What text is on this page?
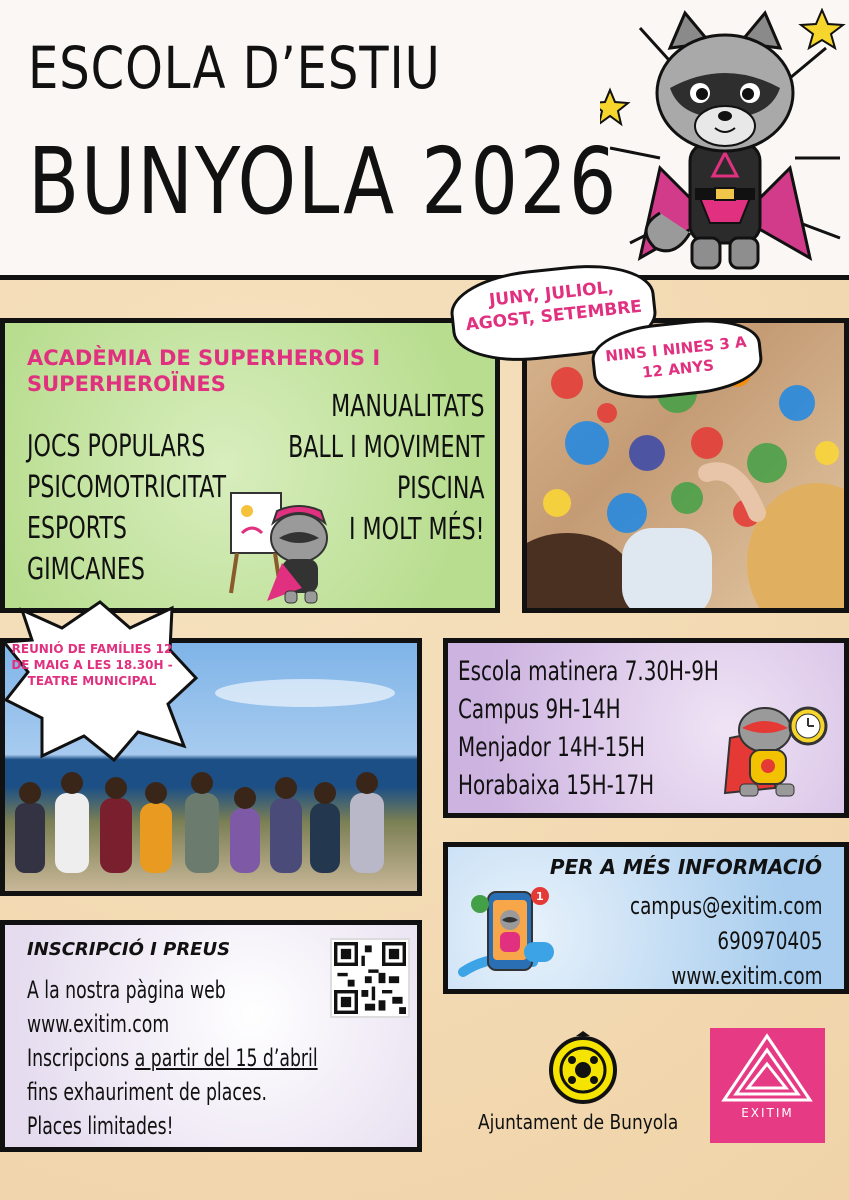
ESCOLA D’ESTIU
BUNYOLA 2026
ACADÈMIA DE SUPERHEROIS I SUPERHEROÏNES
JOCS POPULARS
PSICOMOTRICITAT
ESPORTS
GIMCANES
MANUALITATS
BALL I MOVIMENT
PISCINA
I MOLT MÉS!
JUNY, JULIOL, AGOST, SETEMBRE
NINS I NINES 3 A 12 ANYS
REUNIÓ DE FAMÍLIES 12 DE MAIG A LES 18.30H - TEATRE MUNICIPAL	Escola matinera 7.30H-9H
Campus 9H-14H
Menjador 14H-15H
Horabaixa 15H-17H
PER A MÉS INFORMACIÓ
campus@exitim.com
690970405
www.exitim.com
1
INSCRIPCIÓ I PREUS
A la nostra pàgina web
www.exitim.com
Inscripcions a partir del 15 d’abril
fins exhauriment de places.
Places limitades!	Ajuntament de Bunyola	EXITIM
